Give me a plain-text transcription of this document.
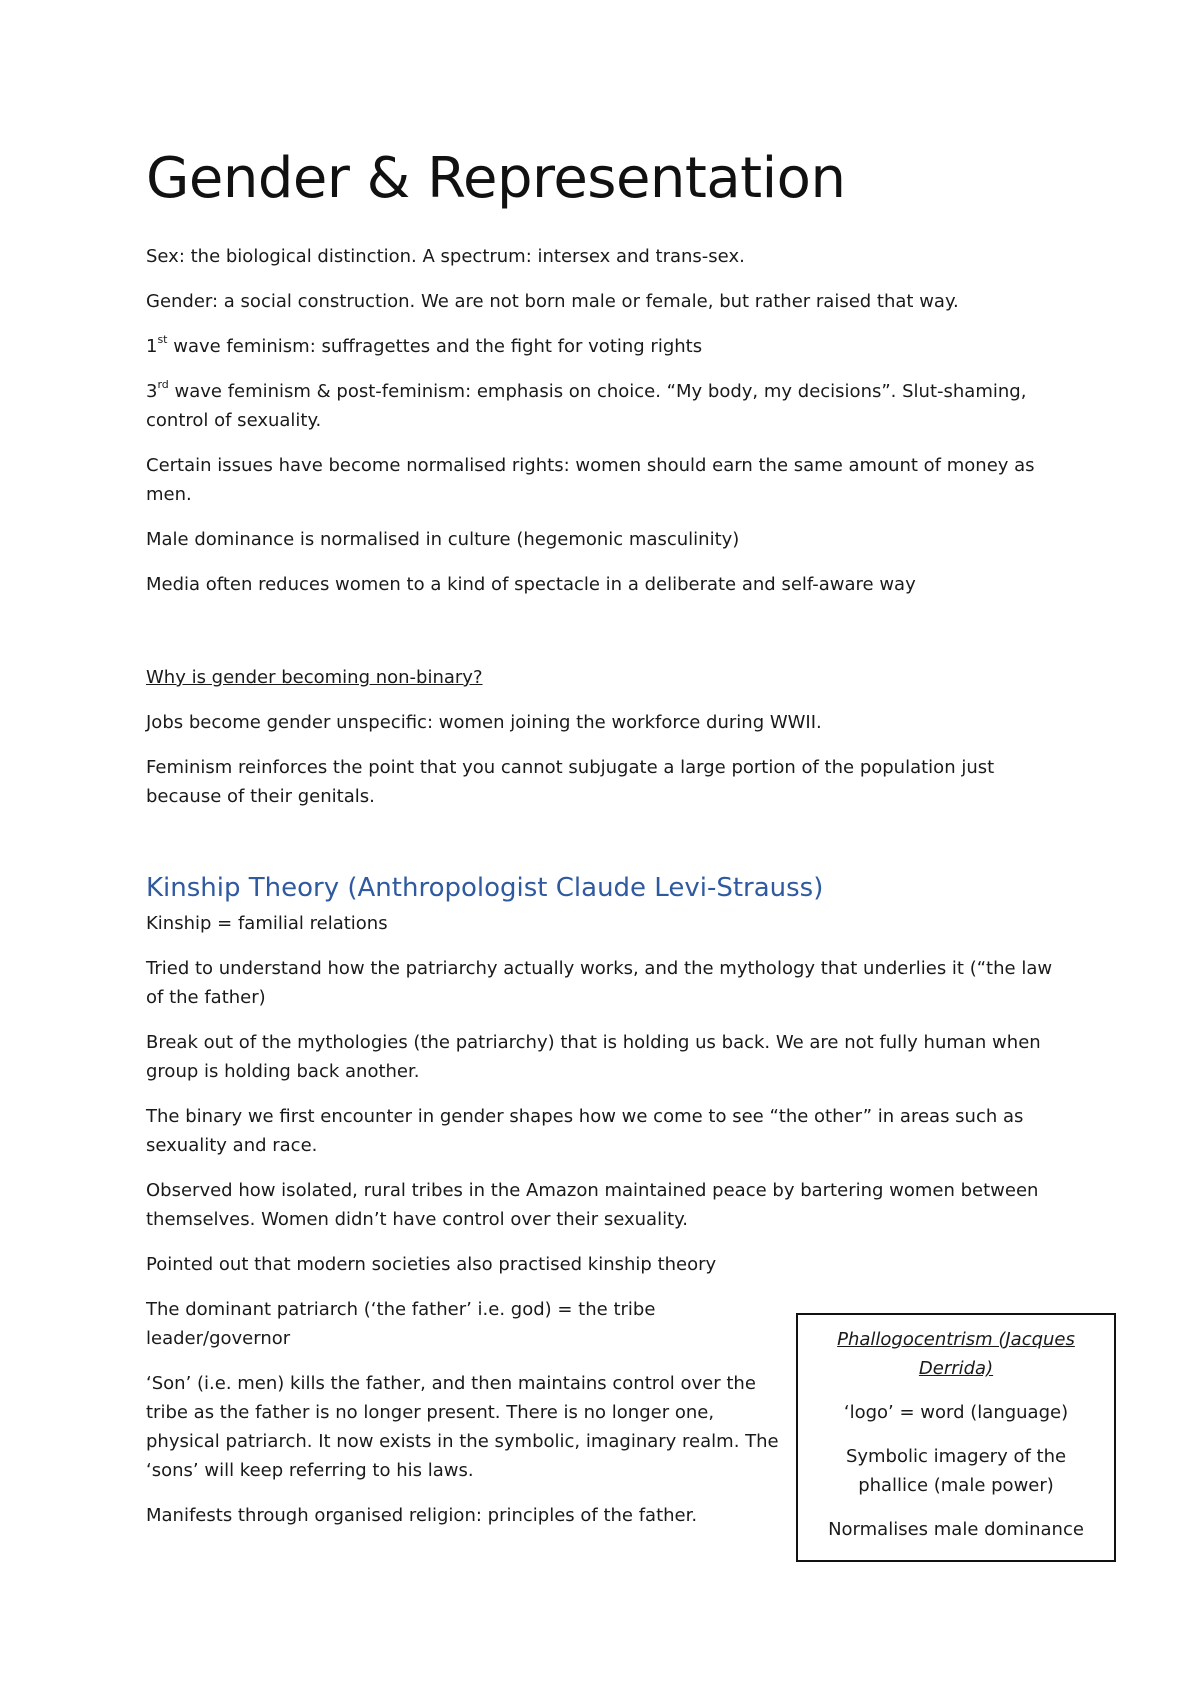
Gender & Representation

Sex: the biological distinction. A spectrum: intersex and trans-sex.

Gender: a social construction. We are not born male or female, but rather raised that way.

1st wave feminism: suffragettes and the fight for voting rights

3rd wave feminism & post-feminism: emphasis on choice. “My body, my decisions”. Slut-shaming, control of sexuality.

Certain issues have become normalised rights: women should earn the same amount of money as men.

Male dominance is normalised in culture (hegemonic masculinity)

Media often reduces women to a kind of spectacle in a deliberate and self-aware way

Why is gender becoming non-binary?

Jobs become gender unspecific: women joining the workforce during WWII.

Feminism reinforces the point that you cannot subjugate a large portion of the population just because of their genitals.

Kinship Theory (Anthropologist Claude Levi-Strauss)

Kinship = familial relations

Tried to understand how the patriarchy actually works, and the mythology that underlies it (“the law of the father)

Break out of the mythologies (the patriarchy) that is holding us back. We are not fully human when group is holding back another.

The binary we first encounter in gender shapes how we come to see “the other” in areas such as sexuality and race.

Observed how isolated, rural tribes in the Amazon maintained peace by bartering women between themselves. Women didn’t have control over their sexuality.

Pointed out that modern societies also practised kinship theory

The dominant patriarch (‘the father’ i.e. god) = the tribe leader/governor

‘Son’ (i.e. men) kills the father, and then maintains control over the tribe as the father is no longer present. There is no longer one, physical patriarch. It now exists in the symbolic, imaginary realm. The ‘sons’ will keep referring to his laws.

Manifests through organised religion: principles of the father.

Phallogocentrism (Jacques Derrida)

‘logo’ = word (language)

Symbolic imagery of the phallice (male power)

Normalises male dominance
